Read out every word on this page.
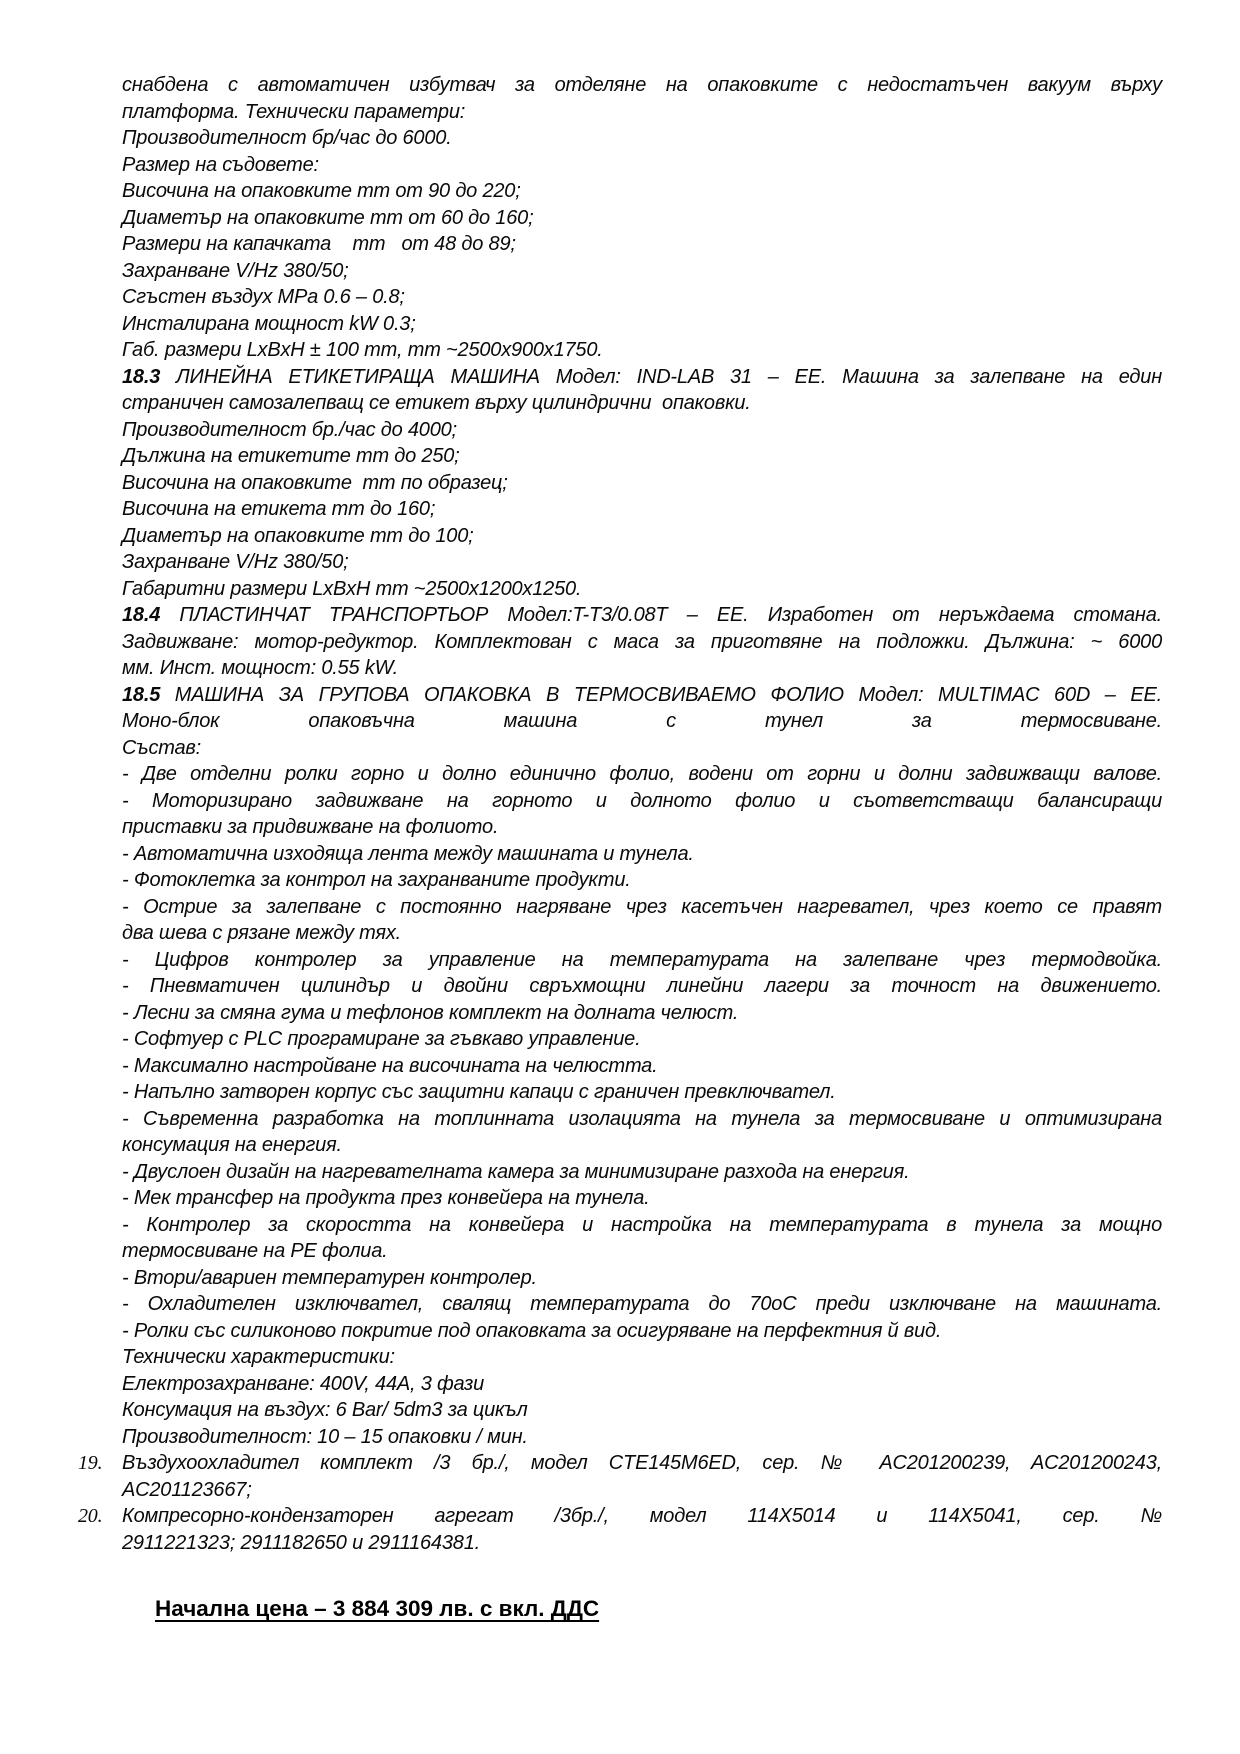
снабдена с автоматичен избутвач за отделяне на опаковките с недостатъчен вакуум върху
платформа. Технически параметри:
Производителност бр/час до 6000.
Размер на съдовете:
Височина на опаковките mm от 90 до 220;
Диаметър на опаковките mm от 60 до 160;
Размери на капачката    mm   от 48 до 89;
Захранване V/Hz 380/50;
Сгъстен въздух MPa 0.6 – 0.8;
Инсталирана мощност kW 0.3;
Габ. размери LxBxH ± 100 mm, mm ~2500x900x1750.
18.3 ЛИНЕЙНА ЕТИКЕТИРАЩА МАШИНА Модел: IND-LAB 31 – ЕЕ. Машина за залепване на един
страничен самозалепващ се етикет върху цилиндрични  опаковки.
Производителност бр./час до 4000;
Дължина на етикетите mm до 250;
Височина на опаковките  mm по образец;
Височина на етикета mm до 160;
Диаметър на опаковките mm до 100;
Захранване V/Hz 380/50;
Габаритни размери LxBxH mm ~2500x1200x1250.
18.4 ПЛАСТИНЧАТ ТРАНСПОРТЬОР Модел:T-T3/0.08T – ЕЕ. Изработен от неръждаема стомана.
Задвижване: мотор-редуктор. Комплектован с маса за приготвяне на подложки. Дължина: ~ 6000
мм. Инст. мощност: 0.55 kW.
18.5 МАШИНА ЗА ГРУПОВА ОПАКОВКА В ТЕРМОСВИВАЕМО ФОЛИО Модел: MULTIMAC 60D – ЕЕ.
Моно-блок опаковъчна машина с тунел за термосвиване.
Състав:
- Две отделни ролки горно и долно единично фолио, водени от горни и долни задвижващи валове.
- Моторизирано задвижване на горното и долното фолио и съответстващи балансиращи
приставки за придвижване на фолиото.
- Автоматична изходяща лента между машината и тунела.
- Фотоклетка за контрол на захранваните продукти.
- Острие за залепване с постоянно нагряване чрез касетъчен нагревател, чрез което се правят
два шева с рязане между тях.
- Цифров контролер за управление на температурата на залепване чрез термодвойка.
- Пневматичен цилиндър и двойни свръхмощни линейни лагери за точност на движението.
- Лесни за смяна гума и тефлонов комплект на долната челюст.
- Софтуер с PLC програмиране за гъвкаво управление.
- Максимално настройване на височината на челюстта.
- Напълно затворен корпус със защитни капаци с граничен превключвател.
- Съвременна разработка на топлинната изолацията на тунела за термосвиване и оптимизирана
консумация на енергия.
- Двуслоен дизайн на нагревателната камера за минимизиране разхода на енергия.
- Мек трансфер на продукта през конвейера на тунела.
- Контролер за скоростта на конвейера и настройка на температурата в тунела за мощно
термосвиване на PE фолиа.
- Втори/авариен температурен контролер.
- Охладителен изключвател, свалящ температурата до 70оС преди изключване на машината.
- Ролки със силиконово покритие под опаковката за осигуряване на перфектния й вид.
Технически характеристики:
Електрозахранване: 400V, 44A, 3 фази
Консумация на въздух: 6 Bar/ 5dm3 за цикъл
Производителност: 10 – 15 опаковки / мин.
19. Въздухоохладител комплект /3 бр./, модел CTE145M6ED, сер. № AC201200239, AC201200243,
AC201123667;
20. Компресорно-кондензаторен агрегат /3бр./, модел 114X5014 и 114X5041, сер. №
2911221323; 2911182650 и 2911164381.
Начална цена – 3 884 309 лв. с вкл. ДДС
